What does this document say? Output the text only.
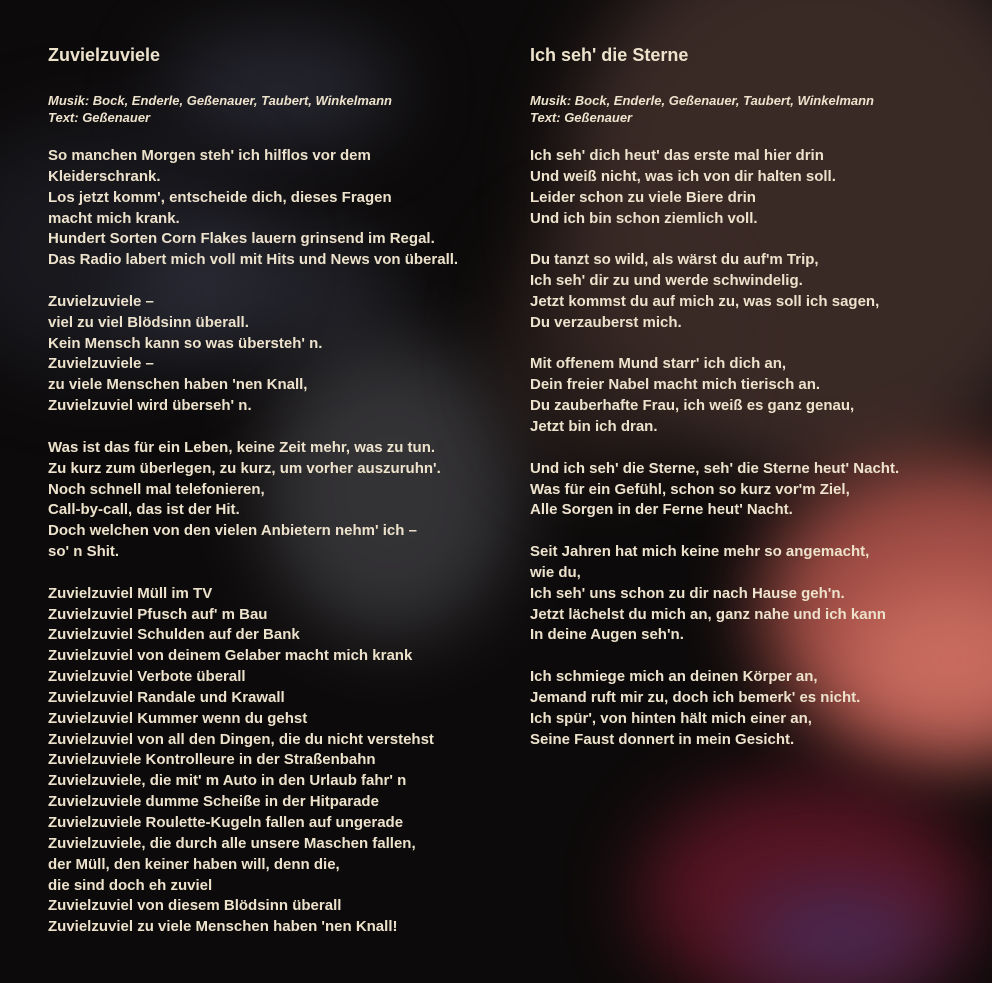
Zuvielzuviele
Musik: Bock, Enderle, Geßenauer, Taubert, Winkelmann
Text: Geßenauer
So manchen Morgen steh' ich hilflos vor dem
Kleiderschrank.
Los jetzt komm', entscheide dich, dieses Fragen
macht mich krank.
Hundert Sorten Corn Flakes lauern grinsend im Regal.
Das Radio labert mich voll mit Hits und News von überall.
Zuvielzuviele –
viel zu viel Blödsinn überall.
Kein Mensch kann so was übersteh' n.
Zuvielzuviele –
zu viele Menschen haben 'nen Knall,
Zuvielzuviel wird überseh' n.
Was ist das für ein Leben, keine Zeit mehr, was zu tun.
Zu kurz zum überlegen, zu kurz, um vorher auszuruhn'.
Noch schnell mal telefonieren,
Call-by-call, das ist der Hit.
Doch welchen von den vielen Anbietern nehm' ich –
so' n Shit.
Zuvielzuviel Müll im TV
Zuvielzuviel Pfusch auf' m Bau
Zuvielzuviel Schulden auf der Bank
Zuvielzuviel von deinem Gelaber macht mich krank
Zuvielzuviel Verbote überall
Zuvielzuviel Randale und Krawall
Zuvielzuviel Kummer wenn du gehst
Zuvielzuviel von all den Dingen, die du nicht verstehst
Zuvielzuviele Kontrolleure in der Straßenbahn
Zuvielzuviele, die mit' m Auto in den Urlaub fahr' n
Zuvielzuviele dumme Scheiße in der Hitparade
Zuvielzuviele Roulette-Kugeln fallen auf ungerade
Zuvielzuviele, die durch alle unsere Maschen fallen,
der Müll, den keiner haben will, denn die,
die sind doch eh zuviel
Zuvielzuviel von diesem Blödsinn überall
Zuvielzuviel zu viele Menschen haben 'nen Knall!
Ich seh' die Sterne
Musik: Bock, Enderle, Geßenauer, Taubert, Winkelmann
Text: Geßenauer
Ich seh' dich heut' das erste mal hier drin
Und weiß nicht, was ich von dir halten soll.
Leider schon zu viele Biere drin
Und ich bin schon ziemlich voll.
Du tanzt so wild, als wärst du auf'm Trip,
Ich seh' dir zu und werde schwindelig.
Jetzt kommst du auf mich zu, was soll ich sagen,
Du verzauberst mich.
Mit offenem Mund starr' ich dich an,
Dein freier Nabel macht mich tierisch an.
Du zauberhafte Frau, ich weiß es ganz genau,
Jetzt bin ich dran.
Und ich seh' die Sterne, seh' die Sterne heut' Nacht.
Was für ein Gefühl, schon so kurz vor'm Ziel,
Alle Sorgen in der Ferne heut' Nacht.
Seit Jahren hat mich keine mehr so angemacht,
wie du,
Ich seh' uns schon zu dir nach Hause geh'n.
Jetzt lächelst du mich an, ganz nahe und ich kann
In deine Augen seh'n.
Ich schmiege mich an deinen Körper an,
Jemand ruft mir zu, doch ich bemerk' es nicht.
Ich spür', von hinten hält mich einer an,
Seine Faust donnert in mein Gesicht.
